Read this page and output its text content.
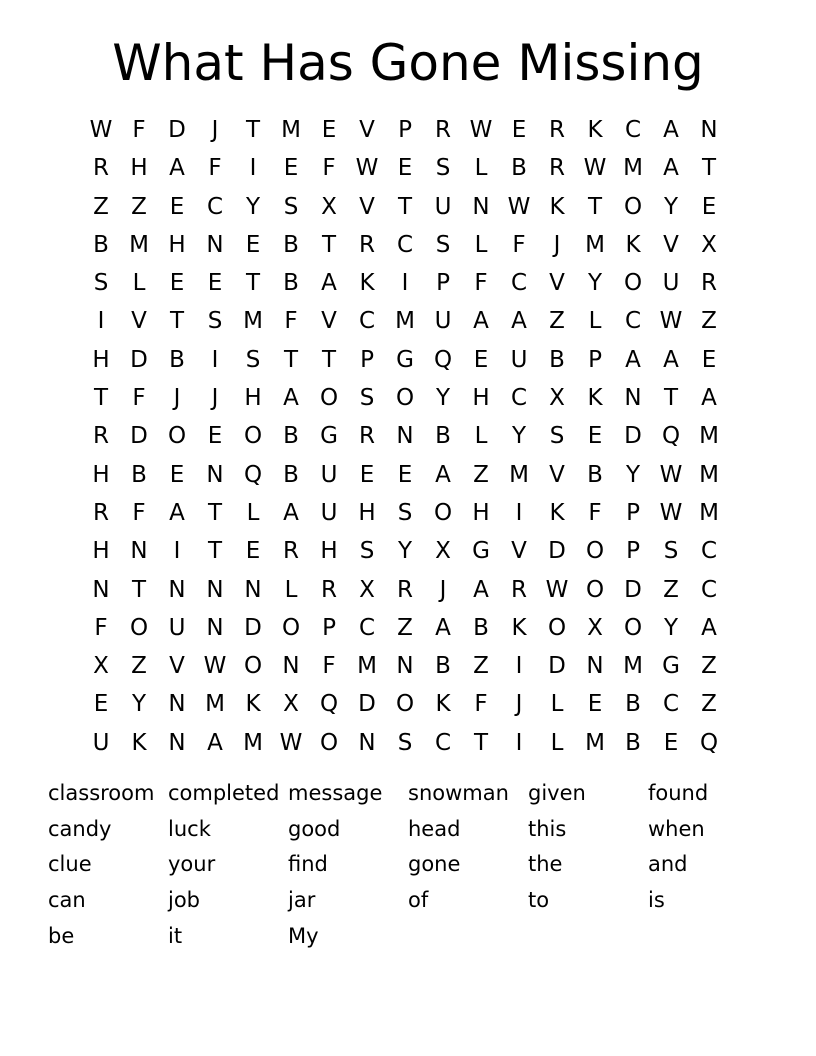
What Has Gone Missing
W F D	J	T M E V	P	R W E R K C A N
R H A	F	I	E	F W E	S	L	B R W M A	T
Z Z E C Y	S X V	T U N W K	T O Y	E
B M H N E B	T R C S	L	F	J	M K V X
S	L	E	E	T	B A K	I	P	F	C V	Y O U R
I	V	T	S M F	V C M U A A Z	L	C W Z
H D B	I	S	T	T	P G Q E U B	P	A A E
T	F	J	J	H A O S O Y H C X K N T	A
R D O E O B G R N B	L	Y	S	E D Q M
H B E N Q B U E	E A Z M V B	Y W M
R	F	A	T	L	A U H S O H	I	K	F	P W M
H N	I	T	E R H S	Y	X G V D O P	S C
N T N N N L	R X R	J	A R W O D Z C
F O U N D O P	C Z A B K O X O Y	A
X Z V W O N F M N B Z	I	D N M G Z
E	Y N M K X Q D O K	F	J	L	E B C Z
U K N A M W O N S C T	I	L M B E Q
classroom completed message	snowman given	found
candy	luck	good	head	this	when
clue	your	find	gone	the	and
can	job	jar	of	to	is
be	it	My
